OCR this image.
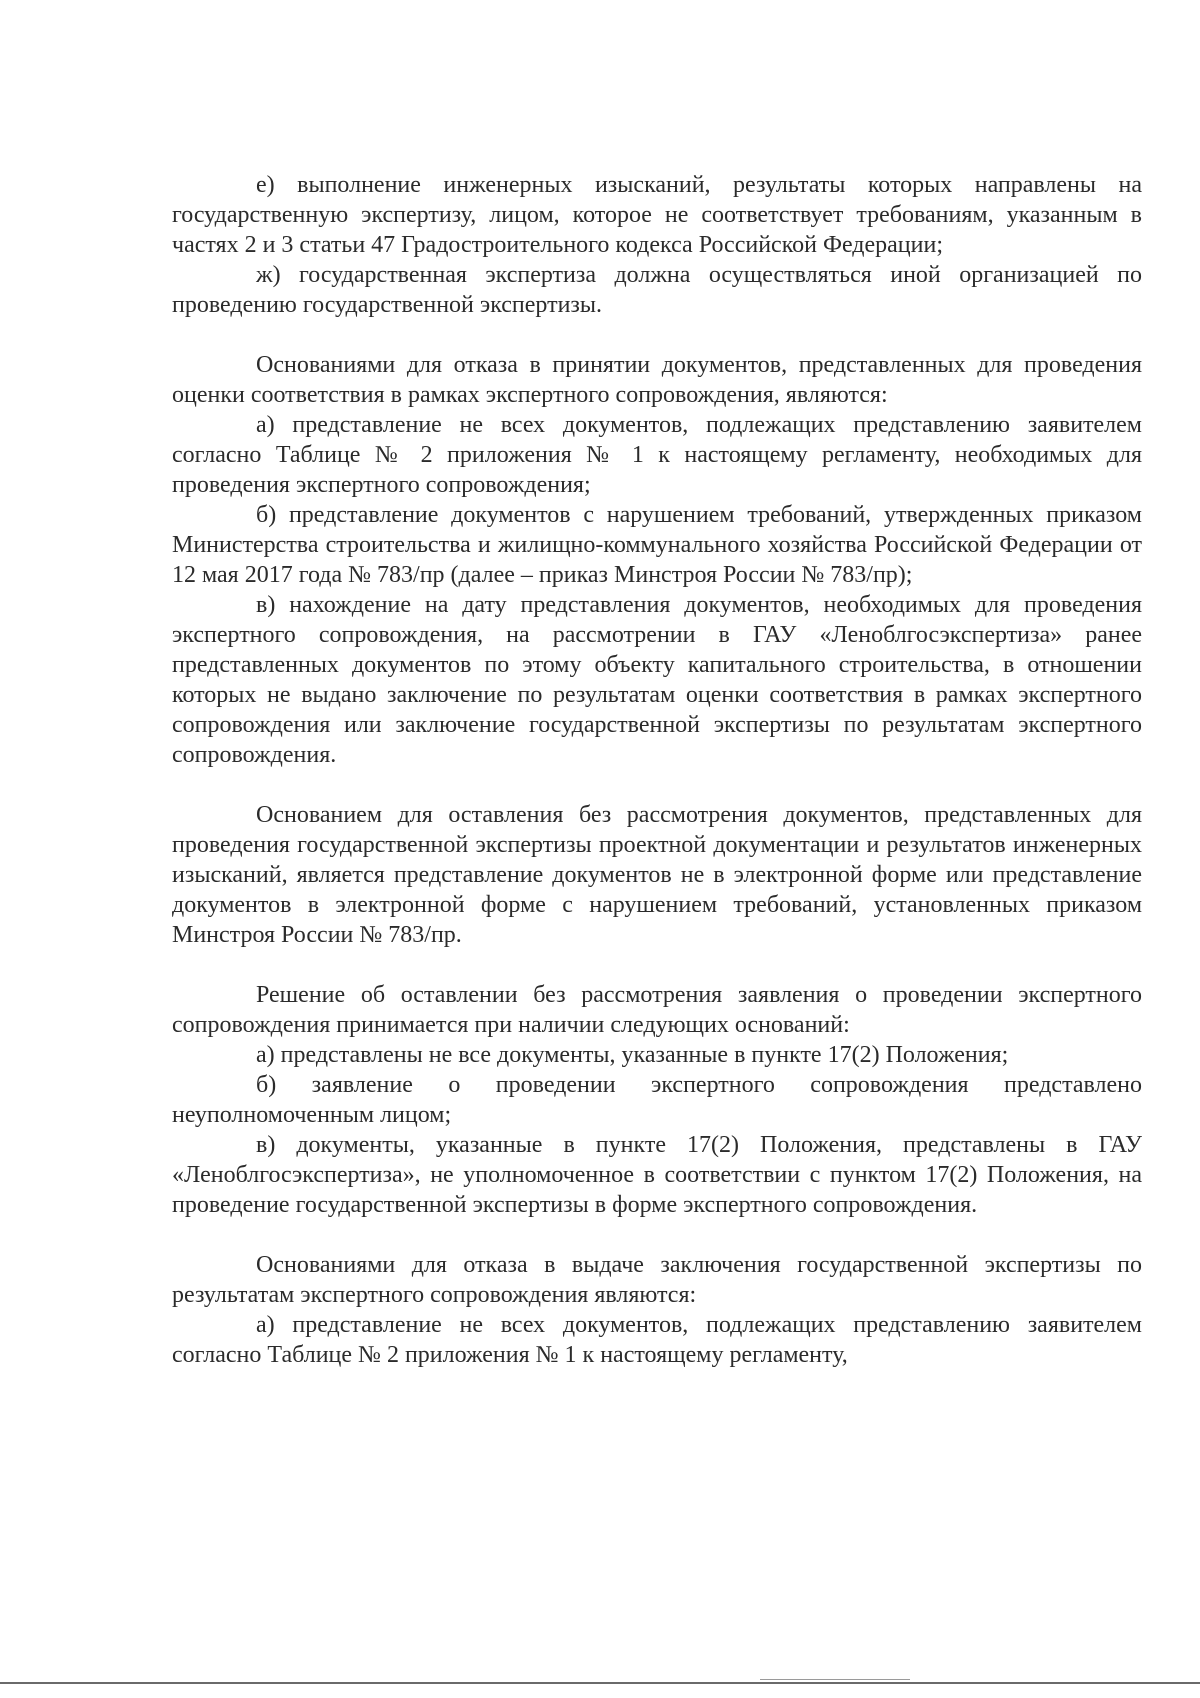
е) выполнение инженерных изысканий, результаты которых направлены на государственную экспертизу, лицом, которое не соответствует требованиям, указанным в частях 2 и 3 статьи 47 Градостроительного кодекса Российской Федерации;

ж) государственная экспертиза должна осуществляться иной организацией по проведению государственной экспертизы.

Основаниями для отказа в принятии документов, представленных для проведения оценки соответствия в рамках экспертного сопровождения, являются:

а) представление не всех документов, подлежащих представлению заявителем согласно Таблице № 2 приложения № 1 к настоящему регламенту, необходимых для проведения экспертного сопровождения;

б) представление документов с нарушением требований, утвержденных приказом Министерства строительства и жилищно-коммунального хозяйства Российской Федерации от 12 мая 2017 года № 783/пр (далее – приказ Минстроя России № 783/пр);

в) нахождение на дату представления документов, необходимых для проведения экспертного сопровождения, на рассмотрении в ГАУ «Леноблгосэкспертиза» ранее представленных документов по этому объекту капитального строительства, в отношении которых не выдано заключение по результатам оценки соответствия в рамках экспертного сопровождения или заключение государственной экспертизы по результатам экспертного сопровождения.

Основанием для оставления без рассмотрения документов, представленных для проведения государственной экспертизы проектной документации и результатов инженерных изысканий, является представление документов не в электронной форме или представление документов в электронной форме с нарушением требований, установленных приказом Минстроя России № 783/пр.

Решение об оставлении без рассмотрения заявления о проведении экспертного сопровождения принимается при наличии следующих оснований:

а) представлены не все документы, указанные в пункте 17(2) Положения;

б) заявление о проведении экспертного сопровождения представлено неуполномоченным лицом;

в) документы, указанные в пункте 17(2) Положения, представлены в ГАУ «Леноблгосэкспертиза», не уполномоченное в соответствии с пунктом 17(2) Положения, на проведение государственной экспертизы в форме экспертного сопровождения.

Основаниями для отказа в выдаче заключения государственной экспертизы по результатам экспертного сопровождения являются:

а) представление не всех документов, подлежащих представлению заявителем согласно Таблице № 2 приложения № 1 к настоящему регламенту,
